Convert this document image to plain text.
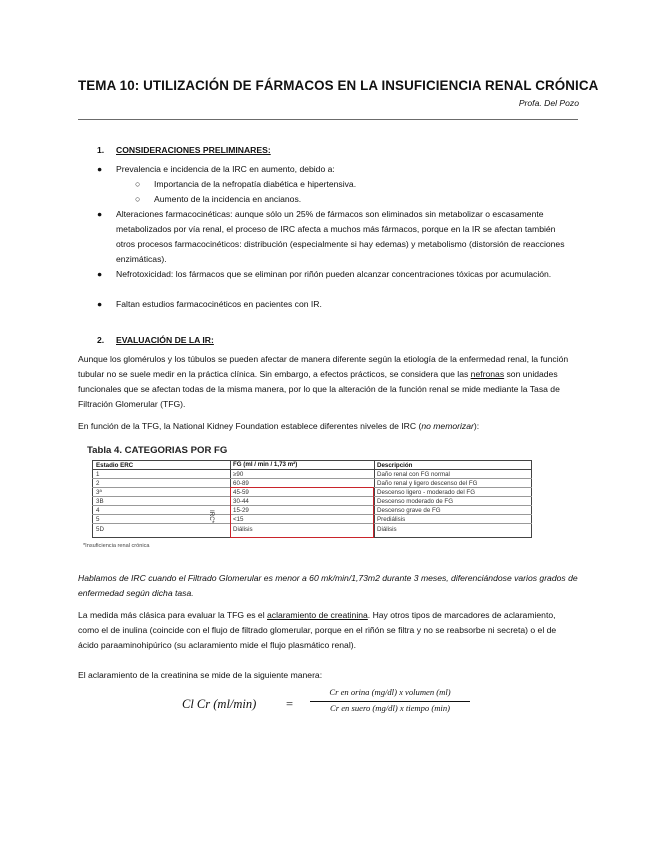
TEMA 10: UTILIZACIÓN DE FÁRMACOS EN LA INSUFICIENCIA RENAL CRÓNICA
Profa. Del Pozo
1. CONSIDERACIONES PRELIMINARES:
●	Prevalencia e incidencia de la IRC en aumento, debido a:
○ Importancia de la nefropatía diabética e hipertensiva.
○ Aumento de la incidencia en ancianos.
●	Alteraciones farmacocinéticas: aunque sólo un 25% de fármacos son eliminados sin metabolizar o escasamente metabolizados por vía renal, el proceso de IRC afecta a muchos más fármacos, porque en la IR se afectan también otros procesos farmacocinéticos: distribución (especialmente si hay edemas) y metabolismo (distorsión de reacciones enzimáticas).
●	Nefrotoxicidad: los fármacos que se eliminan por riñón pueden alcanzar concentraciones tóxicas por acumulación.
●	Faltan estudios farmacocinéticos en pacientes con IR.
2. EVALUACIÓN DE LA IR:
Aunque los glomérulos y los túbulos se pueden afectar de manera diferente según la etiología de la enfermedad renal, la función tubular no se suele medir en la práctica clínica. Sin embargo, a efectos prácticos, se considera que las nefronas son unidades funcionales que se afectan todas de la misma manera, por lo que la alteración de la función renal se mide mediante la Tasa de Filtración Glomerular (TFG).
En función de la TFG, la National Kidney Foundation establece diferentes niveles de IRC (no memorizar):
Tabla 4. CATEGORIAS POR FG
Estadio ERC	FG (ml / min / 1,73 m²)	Descripción
IRC*
1	≥90	Daño renal con FG normal
2	60-89	Daño renal y ligero descenso del FG
3ª	45-59	Descenso ligero - moderado del FG
3B	30-44	Descenso moderado de FG
4	15-29	Descenso grave de FG
5	<15	Prediálisis
5D	Diálisis	Diálisis
*Insuficiencia renal crónica
Hablamos de IRC cuando el Filtrado Glomerular es menor a 60 mk/min/1,73m2 durante 3 meses, diferenciándose varios grados de enfermedad según dicha tasa.
La medida más clásica para evaluar la TFG es el aclaramiento de creatinina. Hay otros tipos de marcadores de aclaramiento, como el de inulina (coincide con el flujo de filtrado glomerular, porque en el riñón se filtra y no se reabsorbe ni secreta) o el de ácido paraaminohipúrico (su aclaramiento mide el flujo plasmático renal).
El aclaramiento de la creatinina se mide de la siguiente manera:
Cl Cr (ml/min) =
Cr en orina (mg/dl) x volumen (ml)
Cr en suero (mg/dl) x tiempo (min)
